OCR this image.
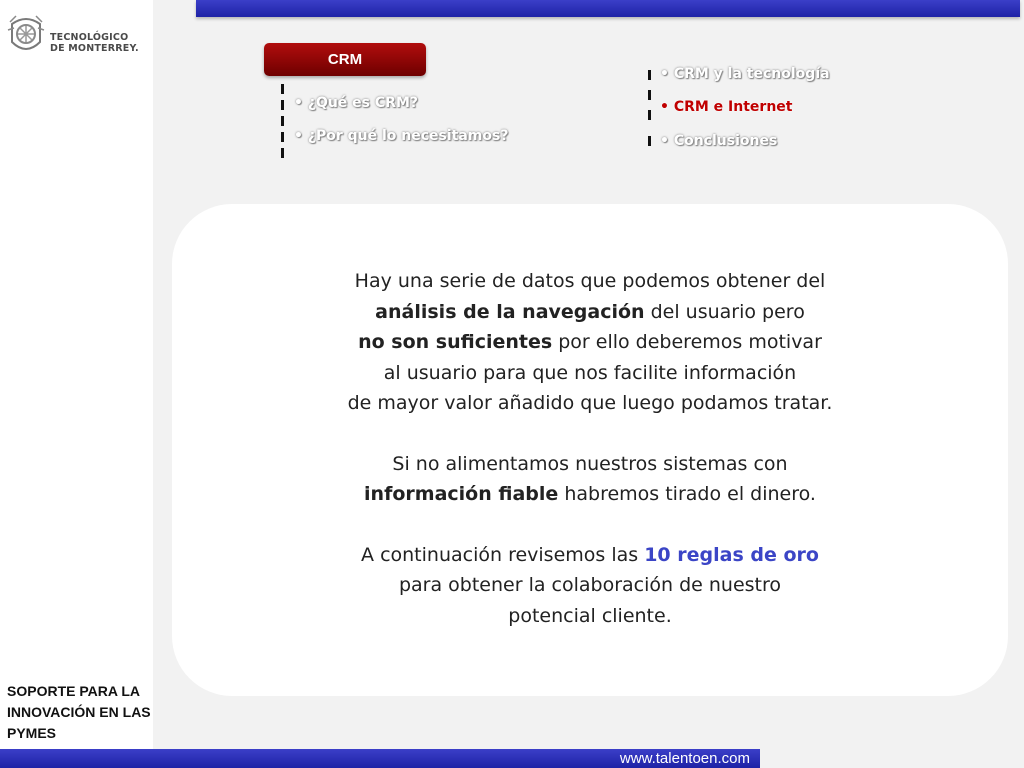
TECNOLÓGICO
DE MONTERREY.
CRM
• ¿Qué es CRM?
• ¿Por qué lo necesitamos?
• CRM y la tecnología
• CRM e Internet
• Conclusiones

Hay una serie de datos que podemos obtener del

análisis de la navegación del usuario pero

no son suficientes por ello deberemos motivar

al usuario para que nos facilite información

de mayor valor añadido que luego podamos tratar.

Si no alimentamos nuestros sistemas con

información fiable habremos tirado el dinero.

A continuación revisemos las 10 reglas de oro

para obtener la colaboración de nuestro

potencial cliente.

SOPORTE PARA LA INNOVACIÓN EN LAS PYMES
www.talentoen.com
